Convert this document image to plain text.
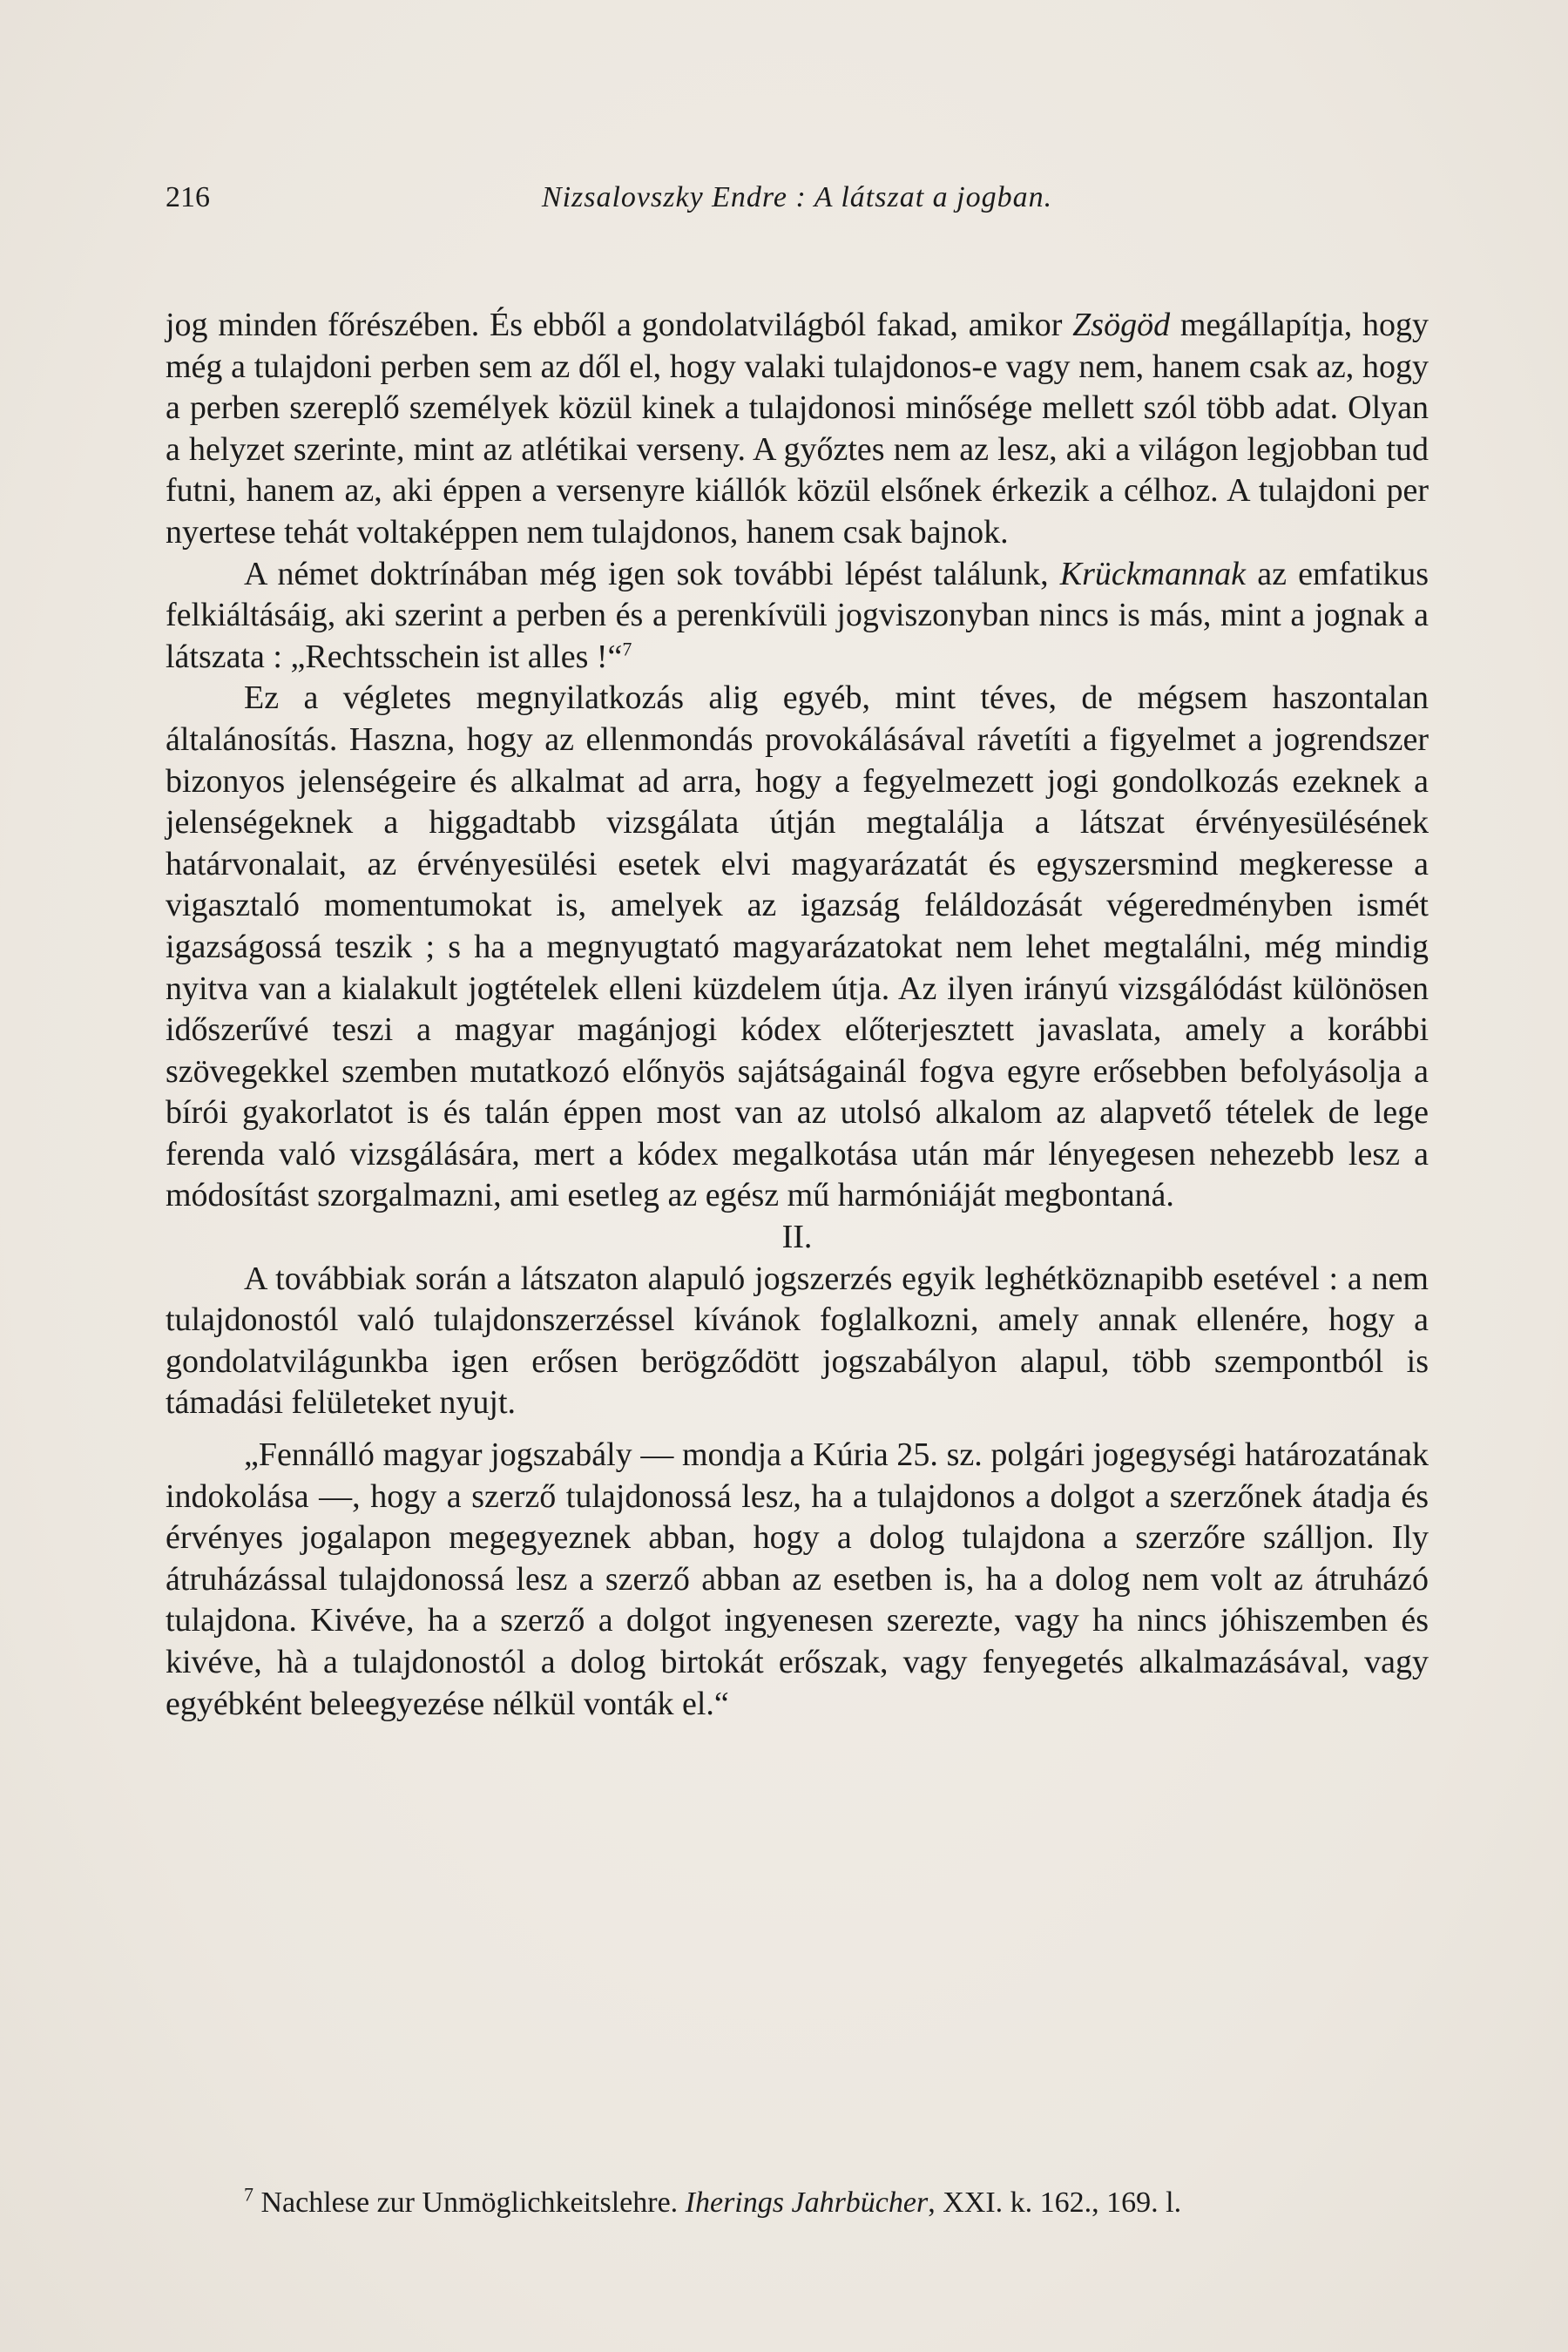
216	Nizsalovszky Endre : A látszat a jogban.

jog minden főrészében. És ebből a gondolatvilágból fakad, amikor Zsögöd megállapítja, hogy még a tulajdoni perben sem az dől el, hogy valaki tulajdonos-e vagy nem, hanem csak az, hogy a perben szereplő személyek közül kinek a tulajdonosi minősége mellett szól több adat. Olyan a helyzet szerinte, mint az atlétikai verseny. A győztes nem az lesz, aki a világon legjobban tud futni, hanem az, aki éppen a versenyre kiállók közül elsőnek érkezik a célhoz. A tulajdoni per nyertese tehát voltaképpen nem tulajdonos, hanem csak bajnok.

A német doktrínában még igen sok további lépést találunk, Krückmannak az emfatikus felkiáltásáig, aki szerint a perben és a perenkívüli jogviszonyban nincs is más, mint a jognak a látszata : „Rechtsschein ist alles !“$^7$

Ez a végletes megnyilatkozás alig egyéb, mint téves, de mégsem haszontalan általánosítás. Haszna, hogy az ellenmondás provokálásával rávetíti a figyelmet a jogrendszer bizonyos jelenségeire és alkalmat ad arra, hogy a fegyelmezett jogi gondolkozás ezeknek a jelenségeknek a higgadtabb vizsgálata útján megtalálja a látszat érvényesülésének határvonalait, az érvényesülési esetek elvi magyarázatát és egyszersmind megkeresse a vigasztaló momentumokat is, amelyek az igazság feláldozását végeredményben ismét igazságossá teszik ; s ha a megnyugtató magyarázatokat nem lehet megtalálni, még mindig nyitva van a kialakult jogtételek elleni küzdelem útja. Az ilyen irányú vizsgálódást különösen időszerűvé teszi a magyar magánjogi kódex előterjesztett javaslata, amely a korábbi szövegekkel szemben mutatkozó előnyös sajátságainál fogva egyre erősebben befolyásolja a bírói gyakorlatot is és talán éppen most van az utolsó alkalom az alapvető tételek de lege ferenda való vizsgálására, mert a kódex megalkotása után már lényegesen nehezebb lesz a módosítást szorgalmazni, ami esetleg az egész mű harmóniáját megbontaná.

II.

A továbbiak során a látszaton alapuló jogszerzés egyik leghétköznapibb esetével : a nem tulajdonostól való tulajdonszerzéssel kívánok foglalkozni, amely annak ellenére, hogy a gondolatvilágunkba igen erősen berögződött jogszabályon alapul, több szempontból is támadási felületeket nyujt.

„Fennálló magyar jogszabály — mondja a Kúria 25. sz. polgári jogegységi határozatának indokolása —, hogy a szerző tulajdonossá lesz, ha a tulajdonos a dolgot a szerzőnek átadja és érvényes jogalapon megegyeznek abban, hogy a dolog tulajdona a szerzőre szálljon. Ily átruházással tulajdonossá lesz a szerző abban az esetben is, ha a dolog nem volt az átruházó tulajdona. Kivéve, ha a szerző a dolgot ingyenesen szerezte, vagy ha nincs jóhiszemben és kivéve, hà a tulajdonostól a dolog birtokát erőszak, vagy fenyegetés alkalmazásával, vagy egyébként beleegyezése nélkül vonták el.“

$^7$ Nachlese zur Unmöglichkeitslehre. Iherings Jahrbücher, XXI. k. 162., 169. l.
